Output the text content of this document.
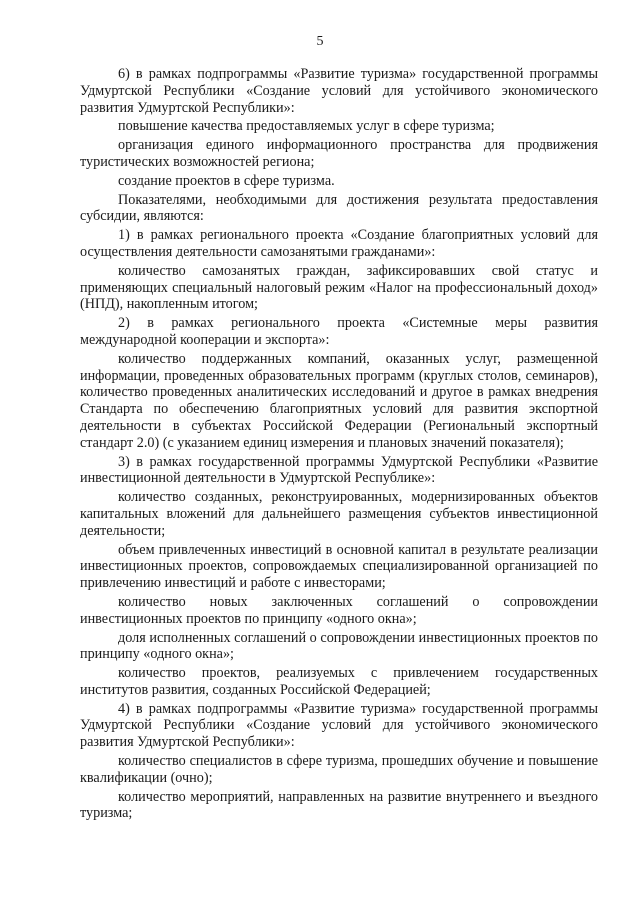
5

6) в рамках подпрограммы «Развитие туризма» государственной программы Удмуртской Республики «Создание условий для устойчивого экономического развития Удмуртской Республики»:

повышение качества предоставляемых услуг в сфере туризма;

организация единого информационного пространства для продвижения туристических возможностей региона;

создание проектов в сфере туризма.

Показателями, необходимыми для достижения результата предоставления субсидии, являются:

1) в рамках регионального проекта «Создание благоприятных условий для осуществления деятельности самозанятыми гражданами»:

количество самозанятых граждан, зафиксировавших свой статус и применяющих специальный налоговый режим «Налог на профессиональный доход» (НПД), накопленным итогом;

2) в рамках регионального проекта «Системные меры развития международной кооперации и экспорта»:

количество поддержанных компаний, оказанных услуг, размещенной информации, проведенных образовательных программ (круглых столов, семинаров), количество проведенных аналитических исследований и другое в рамках внедрения Стандарта по обеспечению благоприятных условий для развития экспортной деятельности в субъектах Российской Федерации (Региональный экспортный стандарт 2.0) (с указанием единиц измерения и плановых значений показателя);

3) в рамках государственной программы Удмуртской Республики «Развитие инвестиционной деятельности в Удмуртской Республике»:

количество созданных, реконструированных, модернизированных объектов капитальных вложений для дальнейшего размещения субъектов инвестиционной деятельности;

объем привлеченных инвестиций в основной капитал в результате реализации инвестиционных проектов, сопровождаемых специализированной организацией по привлечению инвестиций и работе с инвесторами;

количество новых заключенных соглашений о сопровождении инвестиционных проектов по принципу «одного окна»;

доля исполненных соглашений о сопровождении инвестиционных проектов по принципу «одного окна»;

количество проектов, реализуемых с привлечением государственных институтов развития, созданных Российской Федерацией;

4) в рамках подпрограммы «Развитие туризма» государственной программы Удмуртской Республики «Создание условий для устойчивого экономического развития Удмуртской Республики»:

количество специалистов в сфере туризма, прошедших обучение и повышение квалификации (очно);

количество мероприятий, направленных на развитие внутреннего и въездного туризма;
